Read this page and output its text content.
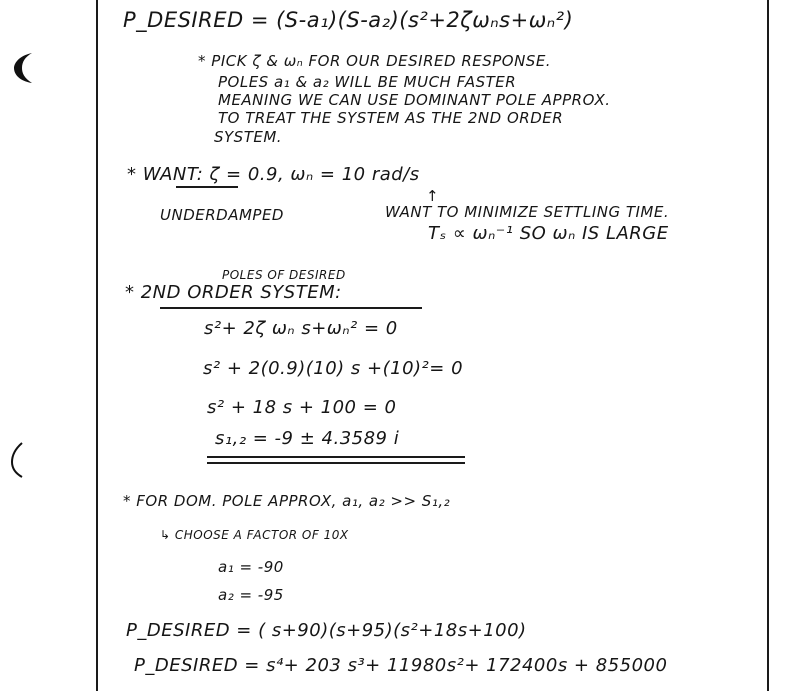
P_DESIRED = (S-a₁)(S-a₂)(s²+2ζωₙs+ωₙ²)
* PICK ζ & ωₙ FOR OUR DESIRED RESPONSE.
POLES a₁ & a₂ WILL BE MUCH FASTER
MEANING WE CAN USE DOMINANT POLE APPROX.
TO TREAT THE SYSTEM AS THE 2ND ORDER
SYSTEM.
* WANT: ζ = 0.9, ωₙ = 10 rad/s
UNDERDAMPED
↑
WANT TO MINIMIZE SETTLING TIME.
Tₛ ∝ ωₙ⁻¹ SO ωₙ IS LARGE
POLES OF DESIRED
* 2ND ORDER SYSTEM:
s²+ 2ζ ωₙ s+ωₙ² = 0
s² + 2(0.9)(10) s +(10)²= 0
s² + 18 s + 100 = 0
s₁,₂ = -9 ± 4.3589 i
* FOR DOM. POLE APPROX, a₁, a₂ >> S₁,₂
↳ CHOOSE A FACTOR OF 10X
a₁ = -90
a₂ = -95
P_DESIRED = ( s+90)(s+95)(s²+18s+100)
P_DESIRED = s⁴+ 203 s³+ 11980s²+ 172400s + 855000
